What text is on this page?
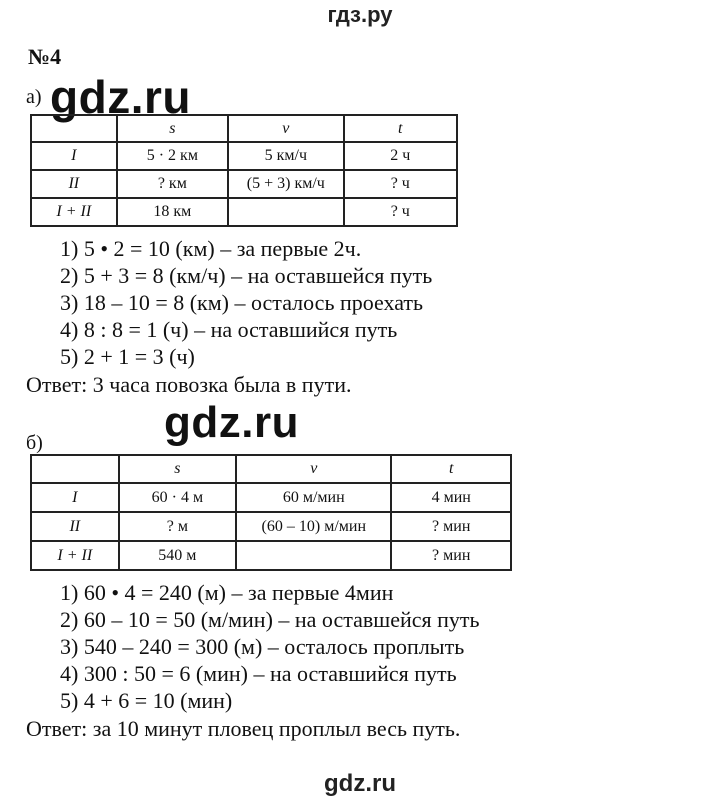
гдз.ру
№4
а) gdz.ru
	s	v	t
I	5 · 2 км	5 км/ч	2 ч
II	? км	(5 + 3) км/ч	? ч
I + II	18 км		? ч
1) 5 • 2 = 10 (км) – за первые 2ч.
2) 5 + 3 = 8 (км/ч) – на оставшейся путь
3) 18 – 10 = 8 (км) – осталось проехать
4) 8 : 8 = 1 (ч) – на оставшийся путь
5) 2 + 1 = 3 (ч)
Ответ: 3 часа повозка была в пути.
gdz.ru
б)
	s	v	t
I	60 · 4 м	60 м/мин	4 мин
II	? м	(60 – 10) м/мин	? мин
I + II	540 м		? мин
1) 60 • 4 = 240 (м) – за первые 4мин
2) 60 – 10 = 50 (м/мин) – на оставшейся путь
3) 540 – 240 = 300 (м) – осталось проплыть
4) 300 : 50 = 6 (мин) – на оставшийся путь
5) 4 + 6 = 10 (мин)
Ответ: за 10 минут пловец проплыл весь путь.
gdz.ru
